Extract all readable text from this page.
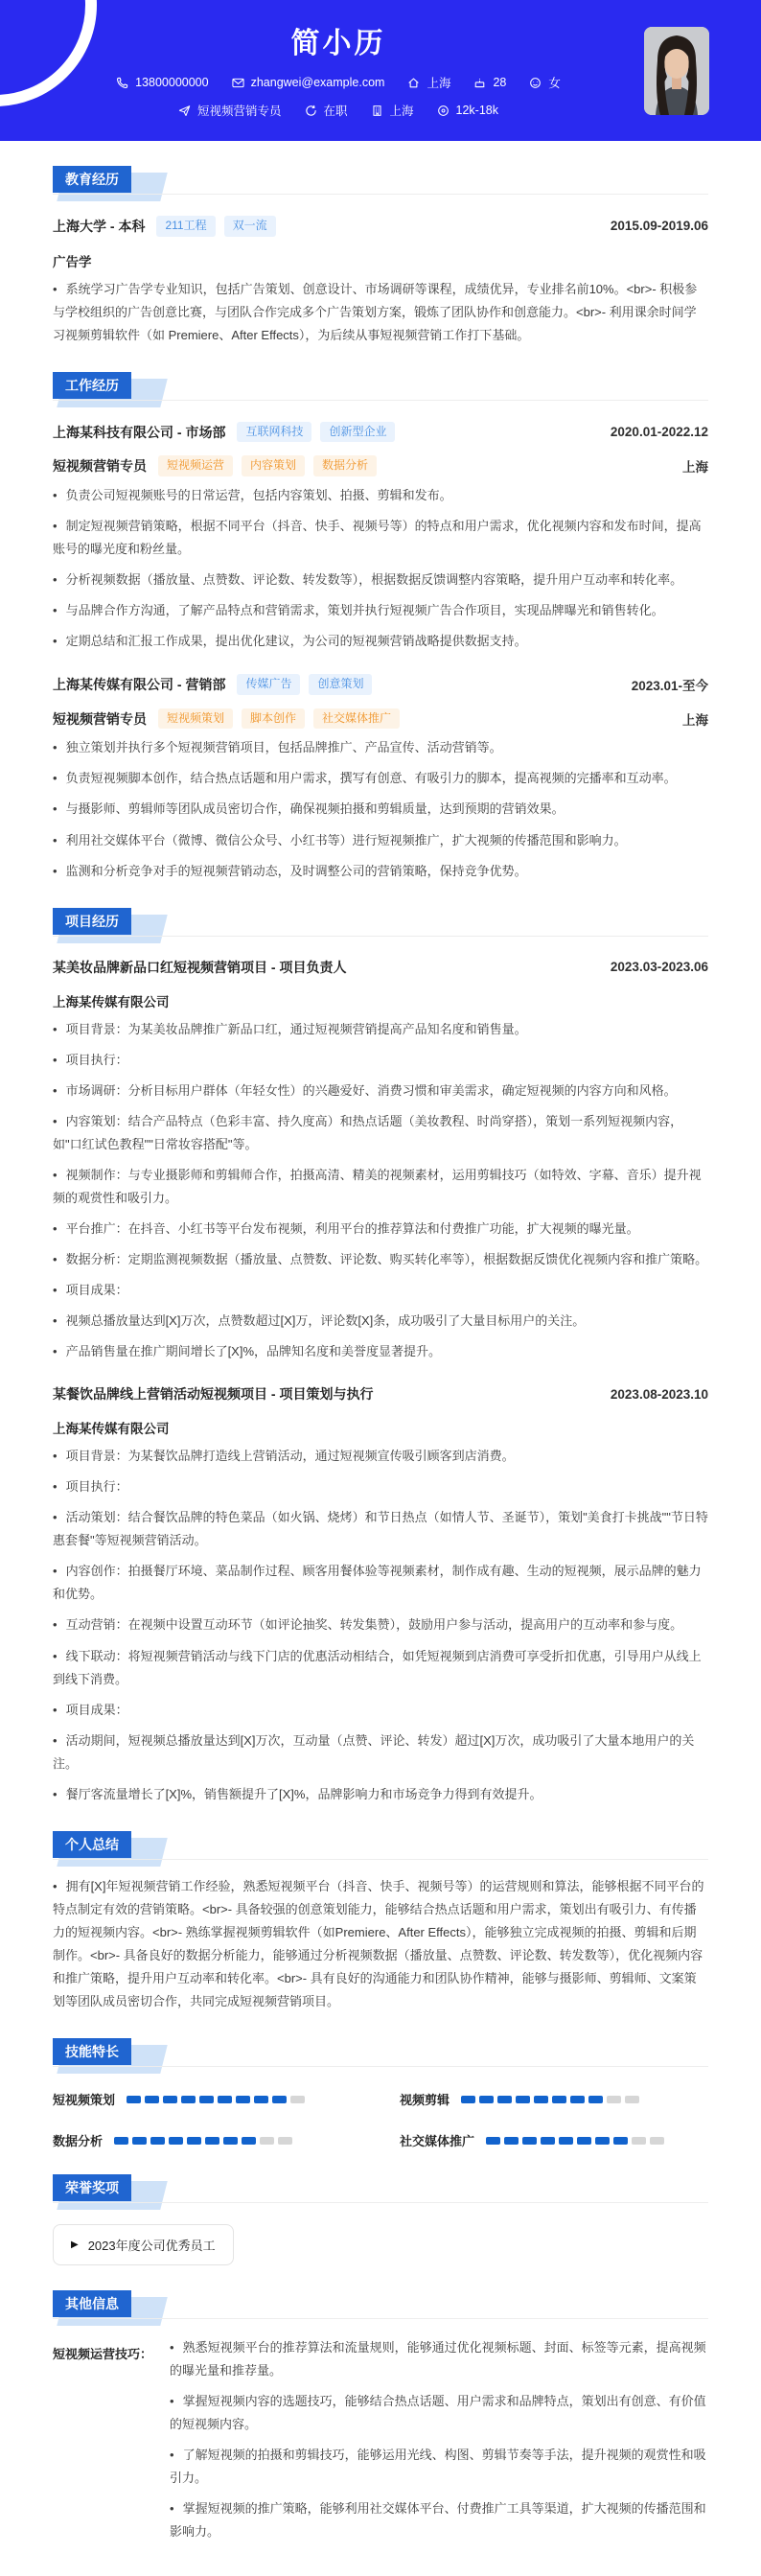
简小历
13800000000	zhangwei@example.com	上海	28	女
短视频营销专员	在职	上海	12k-18k
教育经历
上海大学 - 本科	211工程	双一流	2015.09-2019.06
广告学
• 系统学习广告学专业知识，包括广告策划、创意设计、市场调研等课程，成绩优异，专业排名前10%。<br>- 积极参与学校组织的广告创意比赛，与团队合作完成多个广告策划方案，锻炼了团队协作和创意能力。<br>- 利用课余时间学习视频剪辑软件（如 Premiere、After Effects），为后续从事短视频营销工作打下基础。
工作经历
上海某科技有限公司 - 市场部	互联网科技	创新型企业	2020.01-2022.12
短视频营销专员	短视频运营	内容策划	数据分析	上海
• 负责公司短视频账号的日常运营，包括内容策划、拍摄、剪辑和发布。
• 制定短视频营销策略，根据不同平台（抖音、快手、视频号等）的特点和用户需求，优化视频内容和发布时间，提高账号的曝光度和粉丝量。
• 分析视频数据（播放量、点赞数、评论数、转发数等），根据数据反馈调整内容策略，提升用户互动率和转化率。
• 与品牌合作方沟通，了解产品特点和营销需求，策划并执行短视频广告合作项目，实现品牌曝光和销售转化。
• 定期总结和汇报工作成果，提出优化建议，为公司的短视频营销战略提供数据支持。
上海某传媒有限公司 - 营销部	传媒广告	创意策划	2023.01-至今
短视频营销专员	短视频策划	脚本创作	社交媒体推广	上海
• 独立策划并执行多个短视频营销项目，包括品牌推广、产品宣传、活动营销等。
• 负责短视频脚本创作，结合热点话题和用户需求，撰写有创意、有吸引力的脚本，提高视频的完播率和互动率。
• 与摄影师、剪辑师等团队成员密切合作，确保视频拍摄和剪辑质量，达到预期的营销效果。
• 利用社交媒体平台（微博、微信公众号、小红书等）进行短视频推广，扩大视频的传播范围和影响力。
• 监测和分析竞争对手的短视频营销动态，及时调整公司的营销策略，保持竞争优势。
项目经历
某美妆品牌新品口红短视频营销项目 - 项目负责人	2023.03-2023.06
上海某传媒有限公司
• 项目背景：为某美妆品牌推广新品口红，通过短视频营销提高产品知名度和销售量。
• 项目执行：
• 市场调研：分析目标用户群体（年轻女性）的兴趣爱好、消费习惯和审美需求，确定短视频的内容方向和风格。
• 内容策划：结合产品特点（色彩丰富、持久度高）和热点话题（美妆教程、时尚穿搭），策划一系列短视频内容，如"口红试色教程""日常妆容搭配"等。
• 视频制作：与专业摄影师和剪辑师合作，拍摄高清、精美的视频素材，运用剪辑技巧（如特效、字幕、音乐）提升视频的观赏性和吸引力。
• 平台推广：在抖音、小红书等平台发布视频，利用平台的推荐算法和付费推广功能，扩大视频的曝光量。
• 数据分析：定期监测视频数据（播放量、点赞数、评论数、购买转化率等），根据数据反馈优化视频内容和推广策略。
• 项目成果：
• 视频总播放量达到[X]万次，点赞数超过[X]万，评论数[X]条，成功吸引了大量目标用户的关注。
• 产品销售量在推广期间增长了[X]%，品牌知名度和美誉度显著提升。
某餐饮品牌线上营销活动短视频项目 - 项目策划与执行	2023.08-2023.10
上海某传媒有限公司
• 项目背景：为某餐饮品牌打造线上营销活动，通过短视频宣传吸引顾客到店消费。
• 项目执行：
• 活动策划：结合餐饮品牌的特色菜品（如火锅、烧烤）和节日热点（如情人节、圣诞节），策划"美食打卡挑战""节日特惠套餐"等短视频营销活动。
• 内容创作：拍摄餐厅环境、菜品制作过程、顾客用餐体验等视频素材，制作成有趣、生动的短视频，展示品牌的魅力和优势。
• 互动营销：在视频中设置互动环节（如评论抽奖、转发集赞），鼓励用户参与活动，提高用户的互动率和参与度。
• 线下联动：将短视频营销活动与线下门店的优惠活动相结合，如凭短视频到店消费可享受折扣优惠，引导用户从线上到线下消费。
• 项目成果：
• 活动期间，短视频总播放量达到[X]万次，互动量（点赞、评论、转发）超过[X]万次，成功吸引了大量本地用户的关注。
• 餐厅客流量增长了[X]%，销售额提升了[X]%，品牌影响力和市场竞争力得到有效提升。
个人总结
• 拥有[X]年短视频营销工作经验，熟悉短视频平台（抖音、快手、视频号等）的运营规则和算法，能够根据不同平台的特点制定有效的营销策略。<br>- 具备较强的创意策划能力，能够结合热点话题和用户需求，策划出有吸引力、有传播力的短视频内容。<br>- 熟练掌握视频剪辑软件（如Premiere、After Effects），能够独立完成视频的拍摄、剪辑和后期制作。<br>- 具备良好的数据分析能力，能够通过分析视频数据（播放量、点赞数、评论数、转发数等），优化视频内容和推广策略，提升用户互动率和转化率。<br>- 具有良好的沟通能力和团队协作精神，能够与摄影师、剪辑师、文案策划等团队成员密切合作，共同完成短视频营销项目。
技能特长
短视频策划	视频剪辑
数据分析	社交媒体推广
荣誉奖项
▶ 2023年度公司优秀员工
其他信息
短视频运营技巧：	• 熟悉短视频平台的推荐算法和流量规则，能够通过优化视频标题、封面、标签等元素，提高视频的曝光量和推荐量。
• 掌握短视频内容的选题技巧，能够结合热点话题、用户需求和品牌特点，策划出有创意、有价值的短视频内容。
• 了解短视频的拍摄和剪辑技巧，能够运用光线、构图、剪辑节奏等手法，提升视频的观赏性和吸引力。
• 掌握短视频的推广策略，能够利用社交媒体平台、付费推广工具等渠道，扩大视频的传播范围和影响力。
